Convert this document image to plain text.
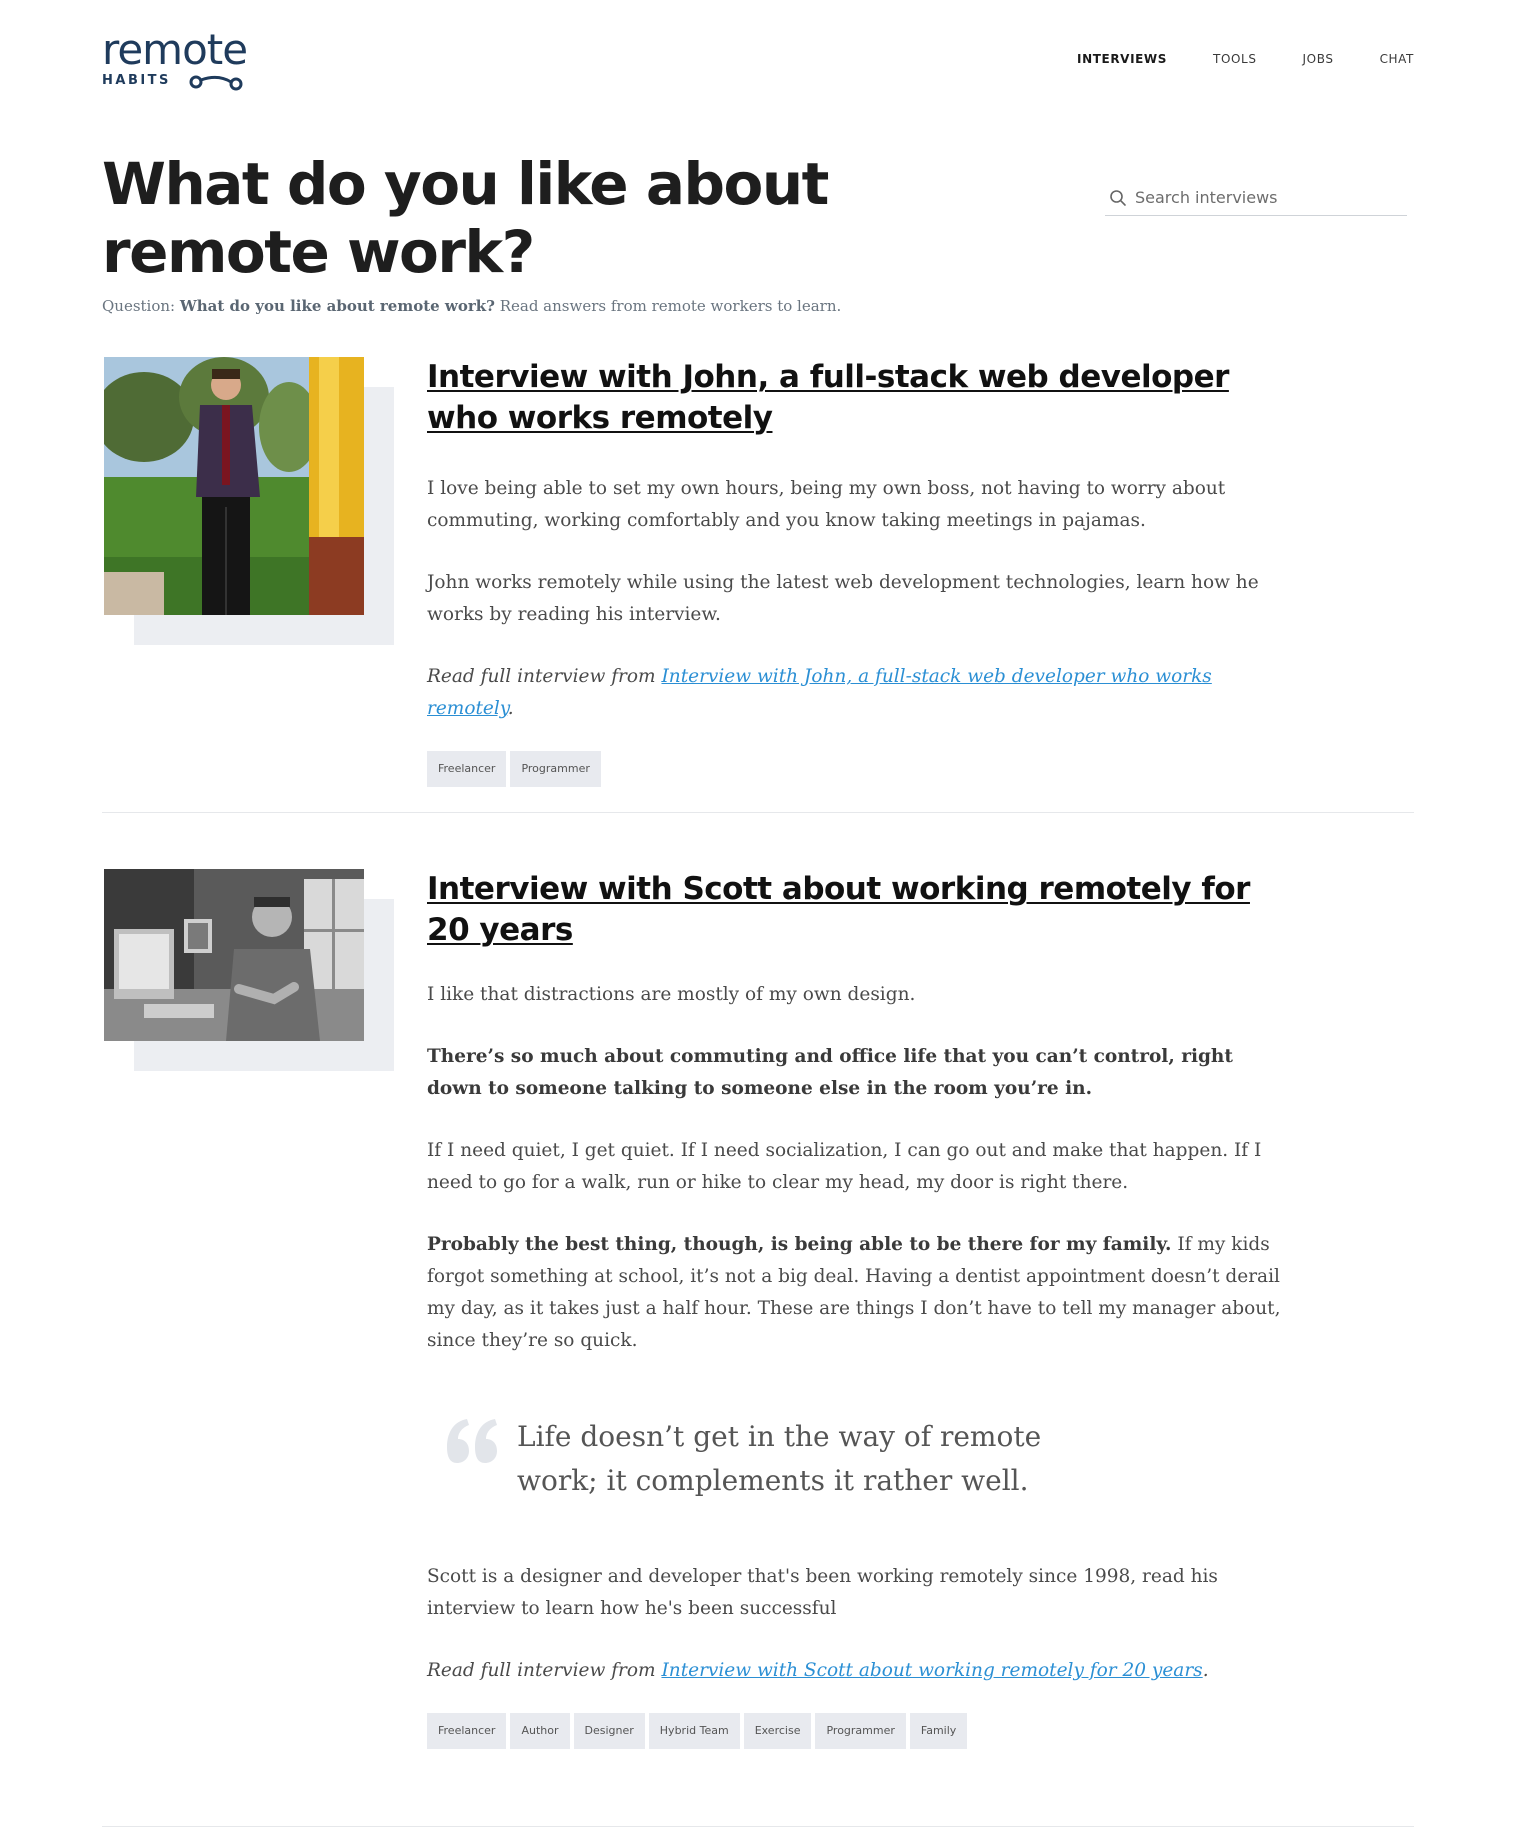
remote
HABITS
INTERVIEWS	TOOLS	JOBS	CHAT
What do you like about remote work?
Search interviews

Question: What do you like about remote work? Read answers from remote workers to learn.

Interview with John, a full-stack web developer who works remotely

I love being able to set my own hours, being my own boss, not having to worry about commuting, working comfortably and you know taking meetings in pajamas.

John works remotely while using the latest web development technologies, learn how he works by reading his interview.

Read full interview from Interview with John, a full-stack web developer who works remotely.

Freelancer	Programmer
Interview with Scott about working remotely for 20 years

I like that distractions are mostly of my own design.

There’s so much about commuting and office life that you can’t control, right down to someone talking to someone else in the room you’re in.

If I need quiet, I get quiet. If I need socialization, I can go out and make that happen. If I need to go for a walk, run or hike to clear my head, my door is right there.

Probably the best thing, though, is being able to be there for my family. If my kids forgot something at school, it’s not a big deal. Having a dentist appointment doesn’t derail my day, as it takes just a half hour. These are things I don’t have to tell my manager about, since they’re so quick.

Life doesn’t get in the way of remote work; it complements it rather well.

Scott is a designer and developer that's been working remotely since 1998, read his interview to learn how he's been successful

Read full interview from Interview with Scott about working remotely for 20 years.

Freelancer	Author	Designer	Hybrid Team	Exercise	Programmer	Family
